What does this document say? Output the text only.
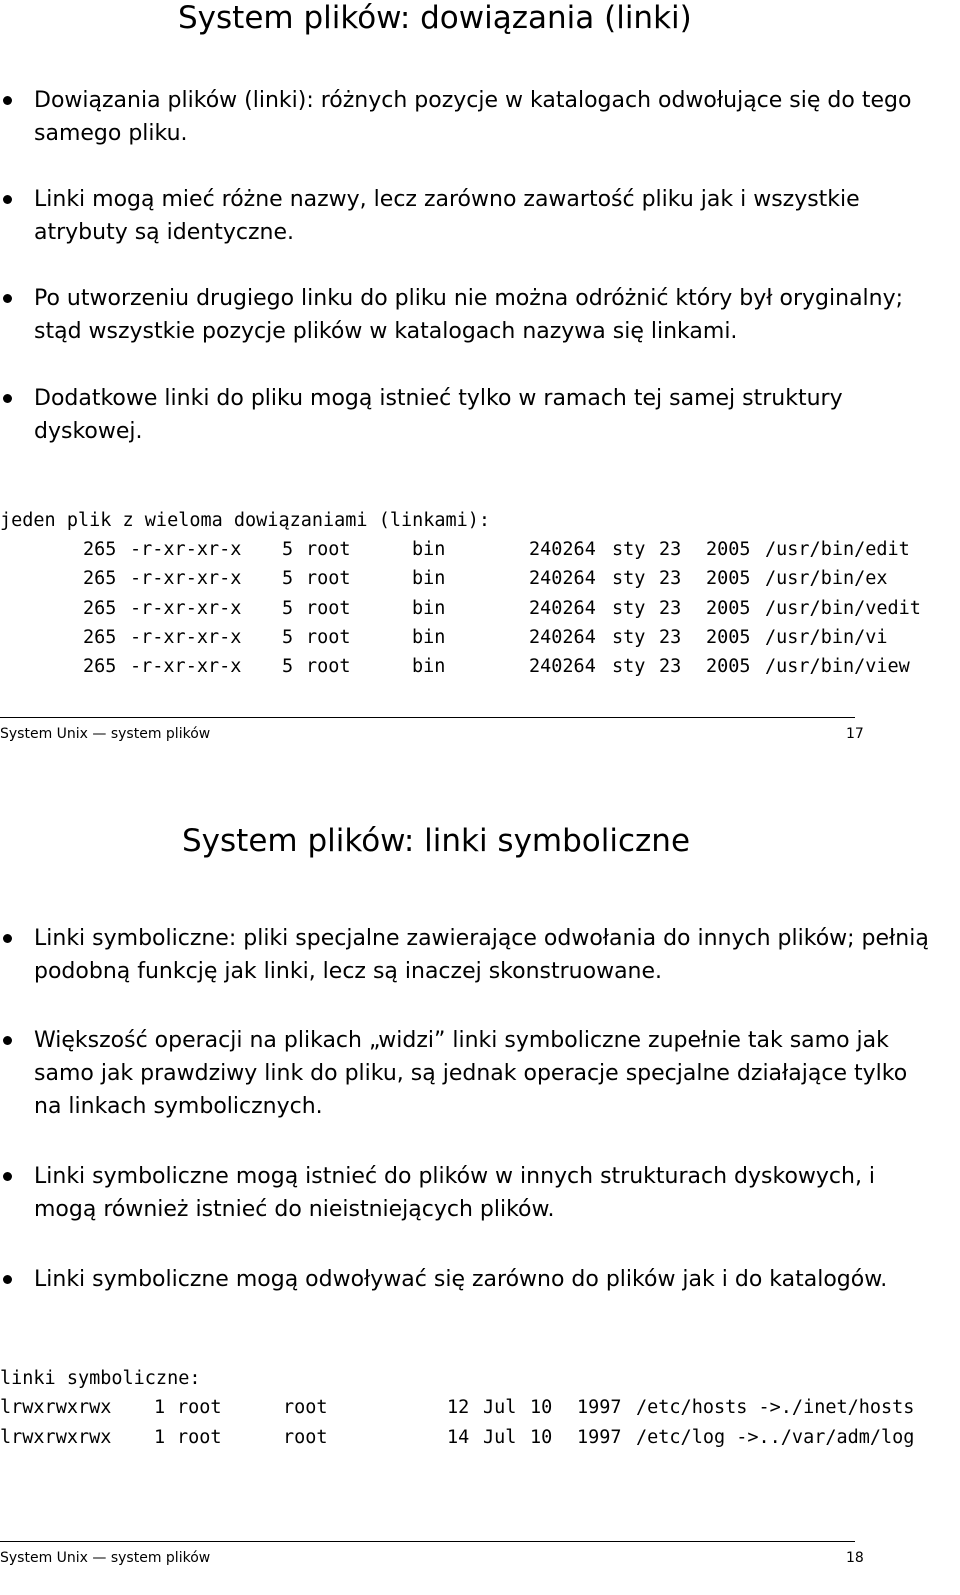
System plików: dowiązania (linki)
Dowiązania plików (linki): różnych pozycje w katalogach odwołujące się do tego samego pliku.
Linki mogą mieć różne nazwy, lecz zarówno zawartość pliku jak i wszystkie atrybuty są identyczne.
Po utworzeniu drugiego linku do pliku nie można odróżnić który był oryginalny; stąd wszystkie pozycje plików w katalogach nazywa się linkami.
Dodatkowe linki do pliku mogą istnieć tylko w ramach tej samej struktury dyskowej.
jeden plik z wieloma dowiązaniami (linkami):
265 -r-xr-xr-x 5 root	bin	240264 sty 23 2005 /usr/bin/edit
265 -r-xr-xr-x 5 root	bin	240264 sty 23 2005 /usr/bin/ex
265 -r-xr-xr-x 5 root	bin	240264 sty 23 2005 /usr/bin/vedit
265 -r-xr-xr-x 5 root	bin	240264 sty 23 2005 /usr/bin/vi
265 -r-xr-xr-x 5 root	bin	240264 sty 23 2005 /usr/bin/view
System Unix — system plików	17
System plików: linki symboliczne
Linki symboliczne: pliki specjalne zawierające odwołania do innych plików; pełnią podobną funkcję jak linki, lecz są inaczej skonstruowane.
Większość operacji na plikach „widzi” linki symboliczne zupełnie tak samo jak samo jak prawdziwy link do pliku, są jednak operacje specjalne działające tylko na linkach symbolicznych.
Linki symboliczne mogą istnieć do plików w innych strukturach dyskowych, i mogą również istnieć do nieistniejących plików.
Linki symboliczne mogą odwoływać się zarówno do plików jak i do katalogów.
linki symboliczne:
lrwxrwxrwx 1 root	root	12 Jul 10 1997 /etc/hosts ->./inet/hosts
lrwxrwxrwx 1 root	root	14 Jul 10 1997 /etc/log ->../var/adm/log
System Unix — system plików	18
